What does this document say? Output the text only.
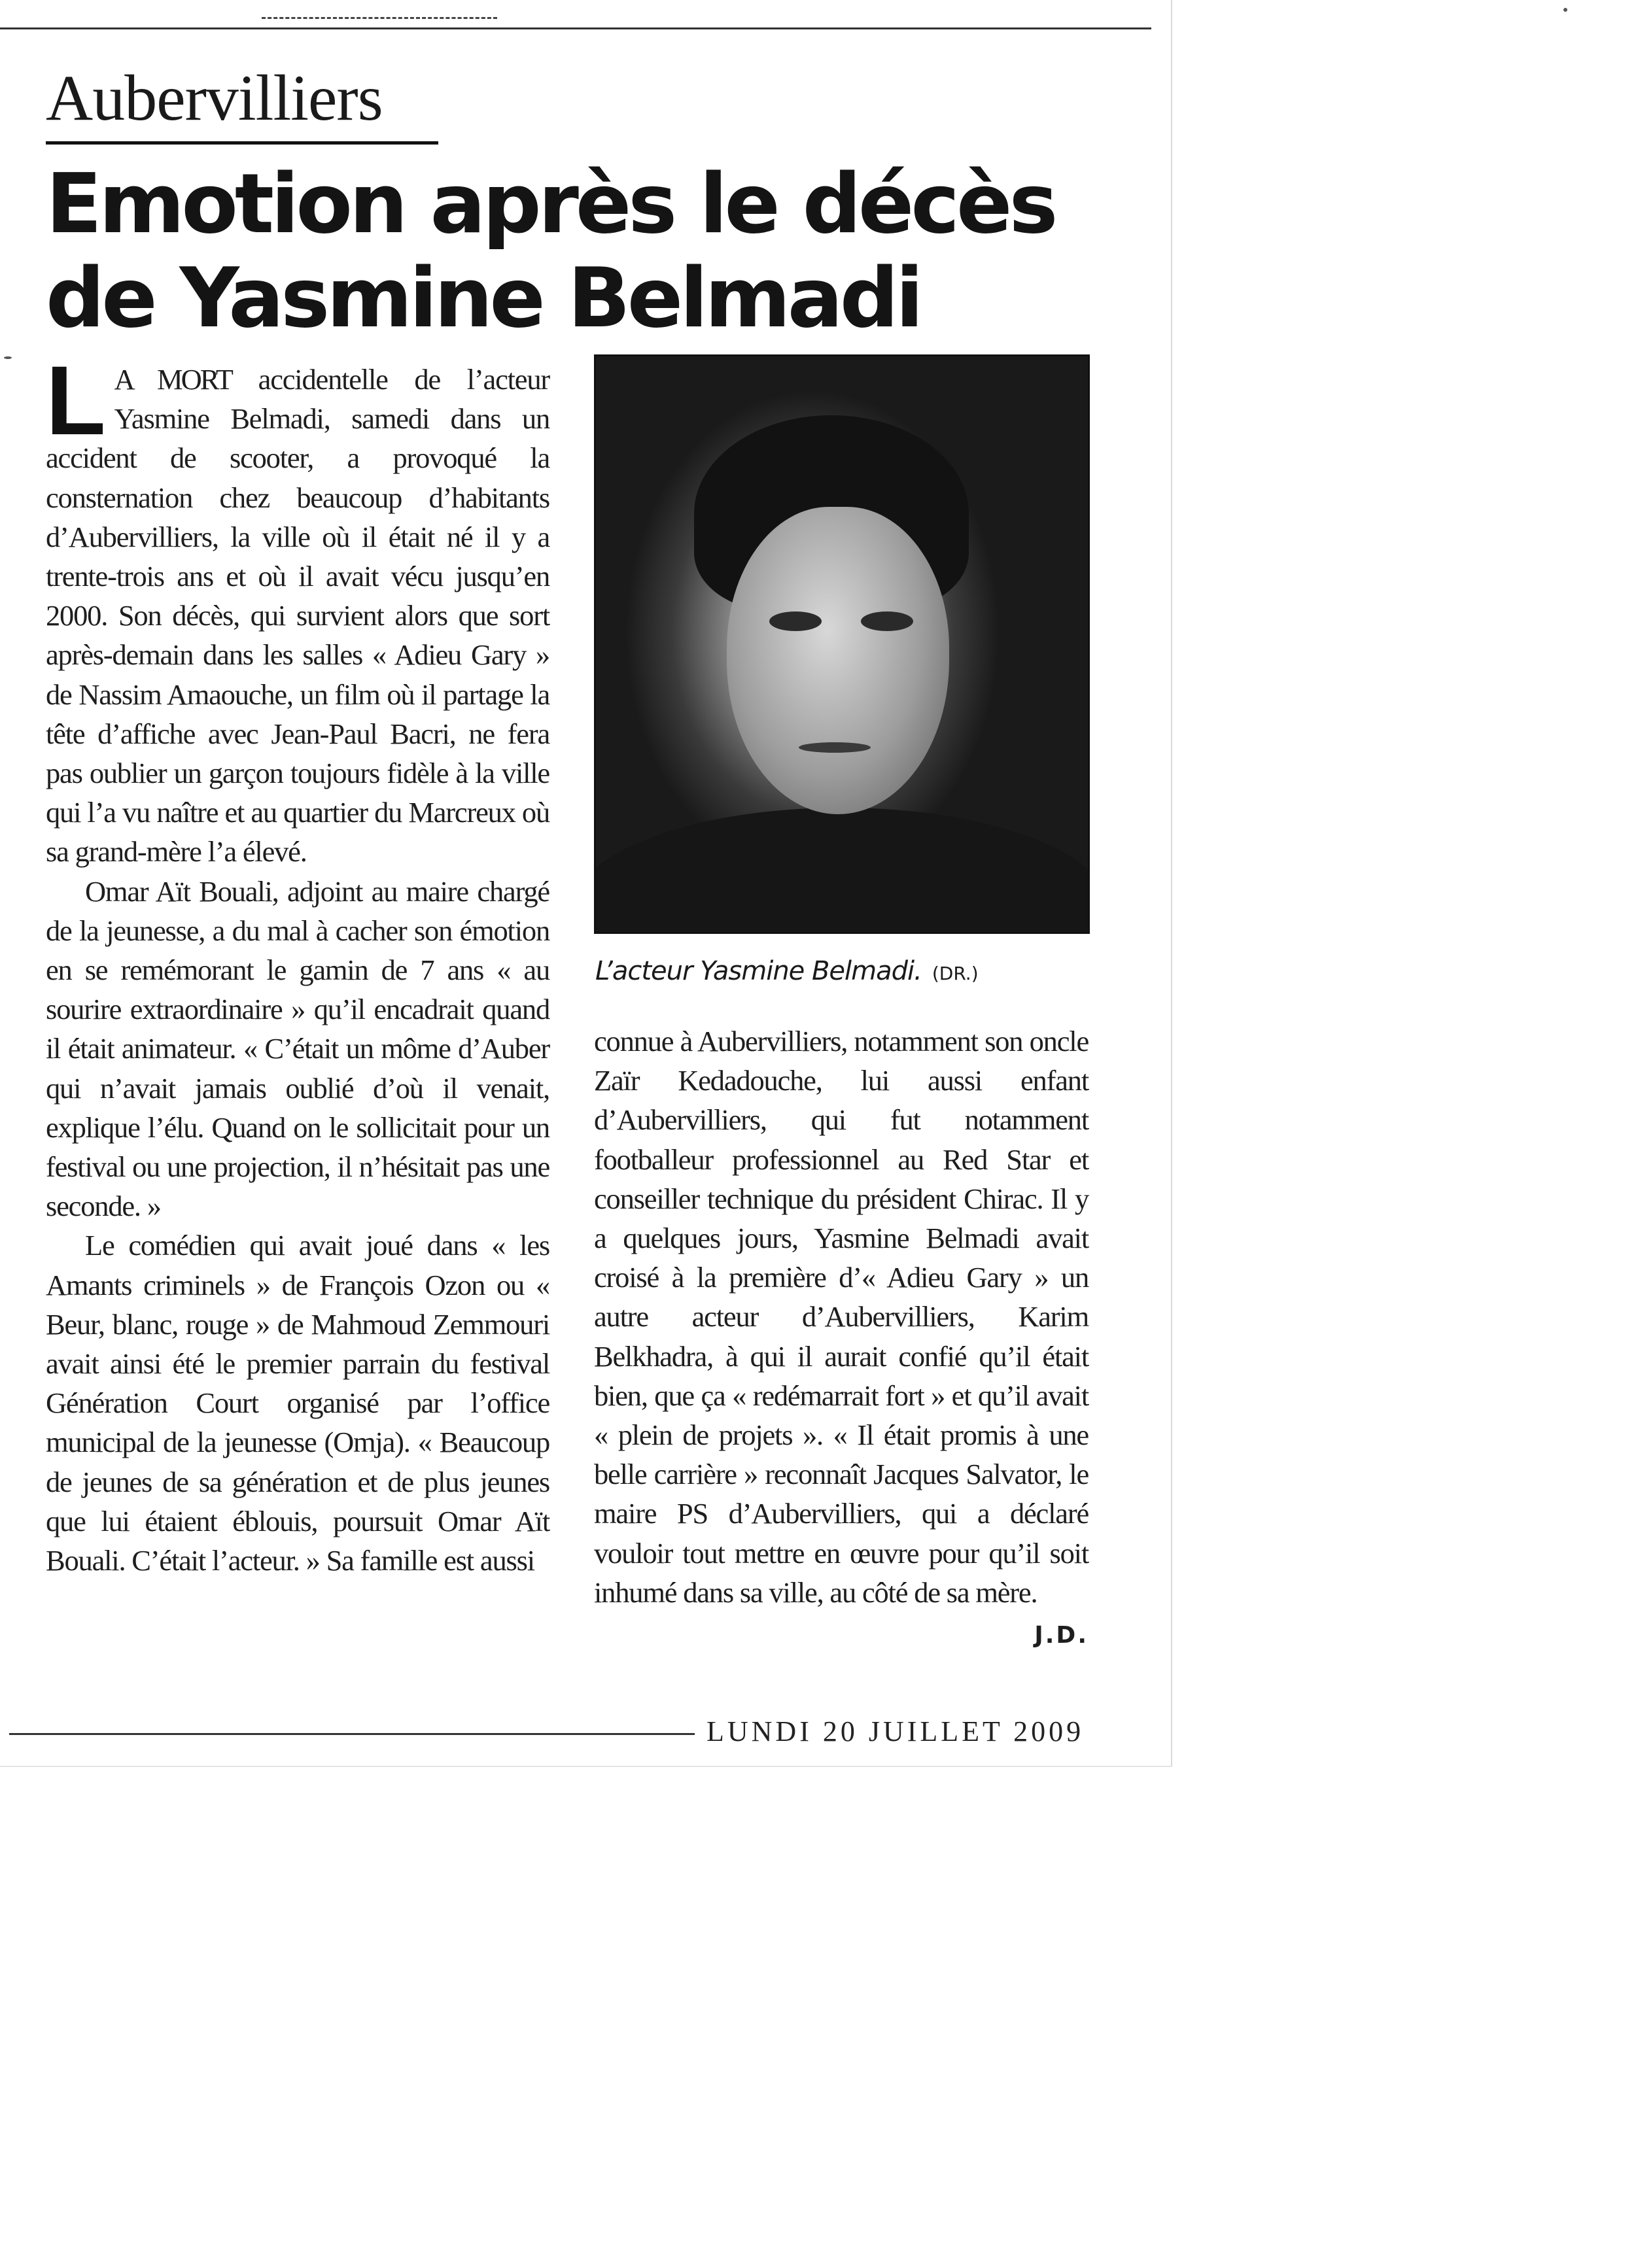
Aubervilliers
Emotion après le décès
de Yasmine Belmadi

L A MORT accidentelle de l’acteur Yasmine Belmadi, samedi dans un accident de scooter, a provoqué la consternation chez beaucoup d’habitants d’Aubervilliers, la ville où il était né il y a trente-trois ans et où il avait vécu jusqu’en 2000. Son décès, qui survient alors que sort après-demain dans les salles « Adieu Gary » de Nassim Amaouche, un film où il partage la tête d’affiche avec Jean-Paul Bacri, ne fera pas oublier un garçon toujours fidèle à la ville qui l’a vu naître et au quartier du Marcreux où sa grand-mère l’a élevé.

Omar Aït Bouali, adjoint au maire chargé de la jeunesse, a du mal à cacher son émotion en se remémorant le gamin de 7 ans « au sourire extraordinaire » qu’il encadrait quand il était animateur. « C’était un môme d’Auber qui n’avait jamais oublié d’où il venait, explique l’élu. Quand on le sollicitait pour un festival ou une projection, il n’hésitait pas une seconde. »

Le comédien qui avait joué dans « les Amants criminels » de François Ozon ou « Beur, blanc, rouge » de Mahmoud Zemmouri avait ainsi été le premier parrain du festival Génération Court organisé par l’office municipal de la jeunesse (Omja). « Beaucoup de jeunes de sa génération et de plus jeunes que lui étaient éblouis, poursuit Omar Aït Bouali. C’était l’acteur. » Sa famille est aussi

L’acteur Yasmine Belmadi. (DR.)

connue à Aubervilliers, notamment son oncle Zaïr Kedadouche, lui aussi enfant d’Aubervilliers, qui fut notamment footballeur professionnel au Red Star et conseiller technique du président Chirac. Il y a quelques jours, Yasmine Belmadi avait croisé à la première d’« Adieu Gary » un autre acteur d’Aubervilliers, Karim Belkhadra, à qui il aurait confié qu’il était bien, que ça « redémarrait fort » et qu’il avait « plein de projets ». « Il était promis à une belle carrière » reconnaît Jacques Salvator, le maire PS d’Aubervilliers, qui a déclaré vouloir tout mettre en œuvre pour qu’il soit inhumé dans sa ville, au côté de sa mère.
J.D.

LUNDI 20 JUILLET 2009
